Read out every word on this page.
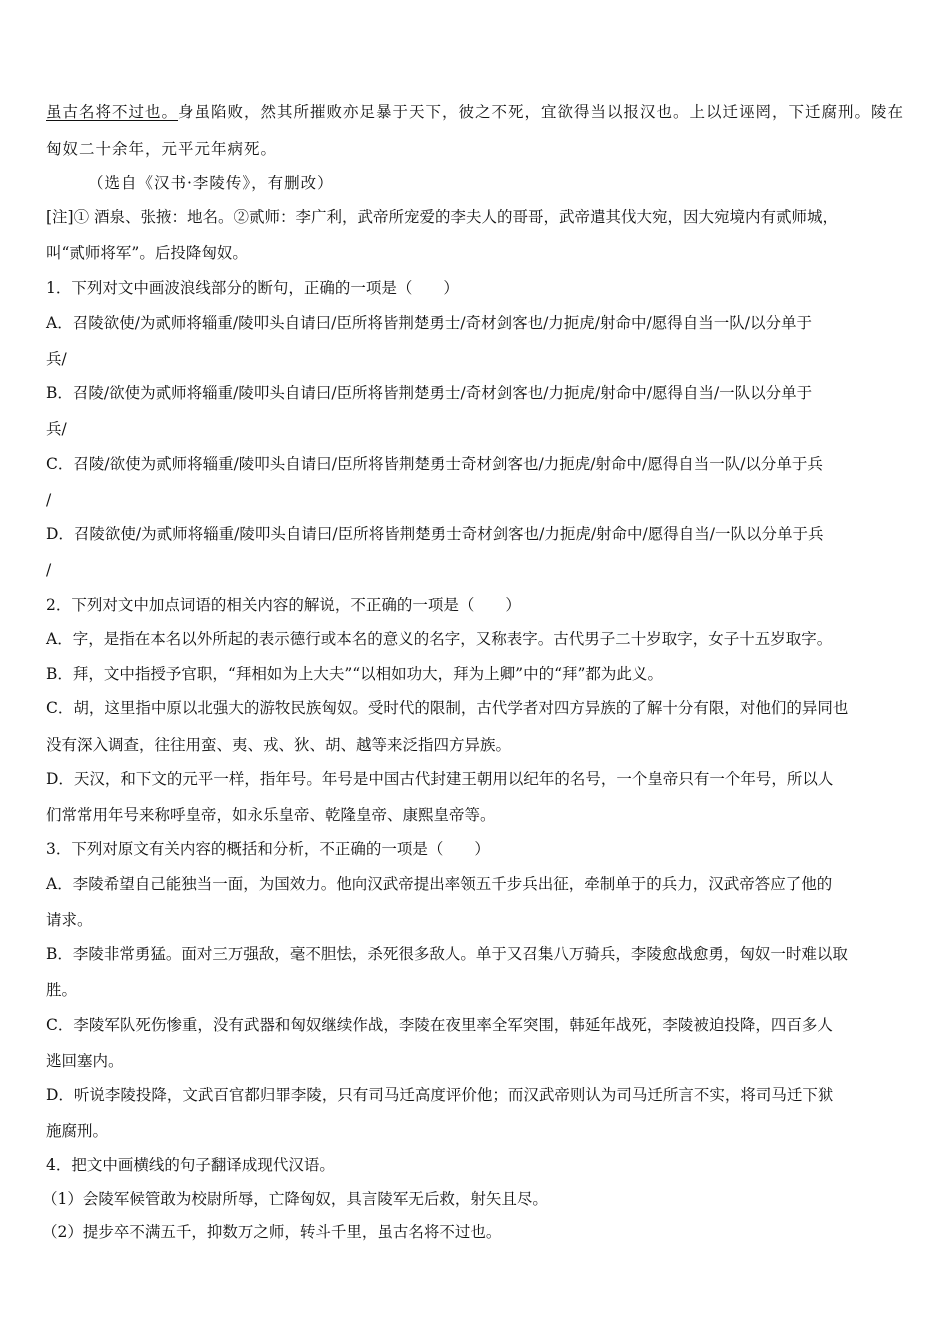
虽古名将不过也。身虽陷败，然其所摧败亦足暴于天下，彼之不死，宜欲得当以报汉也。上以迁诬罔，下迁腐刑。陵在
匈奴二十余年，元平元年病死。
（选自《汉书·李陵传》，有删改）
[注]① 酒泉、张掖：地名。②贰师：李广利，武帝所宠爱的李夫人的哥哥，武帝遣其伐大宛，因大宛境内有贰师城，
叫“贰师将军”。后投降匈奴。
1．下列对文中画波浪线部分的断句，正确的一项是（　　）
A．召陵欲使/为贰师将辎重/陵叩头自请曰/臣所将皆荆楚勇士/奇材剑客也/力扼虎/射命中/愿得自当一队/以分单于
兵/
B．召陵/欲使为贰师将辎重/陵叩头自请曰/臣所将皆荆楚勇士/奇材剑客也/力扼虎/射命中/愿得自当/一队以分单于
兵/
C．召陵/欲使为贰师将辎重/陵叩头自请曰/臣所将皆荆楚勇士奇材剑客也/力扼虎/射命中/愿得自当一队/以分单于兵
/
D．召陵欲使/为贰师将辎重/陵叩头自请曰/臣所将皆荆楚勇士奇材剑客也/力扼虎/射命中/愿得自当/一队以分单于兵
/
2．下列对文中加点词语的相关内容的解说，不正确的一项是（　　）
A．字，是指在本名以外所起的表示德行或本名的意义的名字，又称表字。古代男子二十岁取字，女子十五岁取字。
B．拜，文中指授予官职，“拜相如为上大夫”“以相如功大，拜为上卿”中的“拜”都为此义。
C．胡，这里指中原以北强大的游牧民族匈奴。受时代的限制，古代学者对四方异族的了解十分有限，对他们的异同也
没有深入调查，往往用蛮、夷、戎、狄、胡、越等来泛指四方异族。
D．天汉，和下文的元平一样，指年号。年号是中国古代封建王朝用以纪年的名号，一个皇帝只有一个年号，所以人
们常常用年号来称呼皇帝，如永乐皇帝、乾隆皇帝、康熙皇帝等。
3．下列对原文有关内容的概括和分析，不正确的一项是（　　）
A．李陵希望自己能独当一面，为国效力。他向汉武帝提出率领五千步兵出征，牵制单于的兵力，汉武帝答应了他的
请求。
B．李陵非常勇猛。面对三万强敌，毫不胆怯，杀死很多敌人。单于又召集八万骑兵，李陵愈战愈勇，匈奴一时难以取
胜。
C．李陵军队死伤惨重，没有武器和匈奴继续作战，李陵在夜里率全军突围，韩延年战死，李陵被迫投降，四百多人
逃回塞内。
D．听说李陵投降，文武百官都归罪李陵，只有司马迁高度评价他；而汉武帝则认为司马迁所言不实，将司马迁下狱
施腐刑。
4．把文中画横线的句子翻译成现代汉语。
（1）会陵军候管敢为校尉所辱，亡降匈奴，具言陵军无后救，射矢且尽。
（2）提步卒不满五千，抑数万之师，转斗千里，虽古名将不过也。
